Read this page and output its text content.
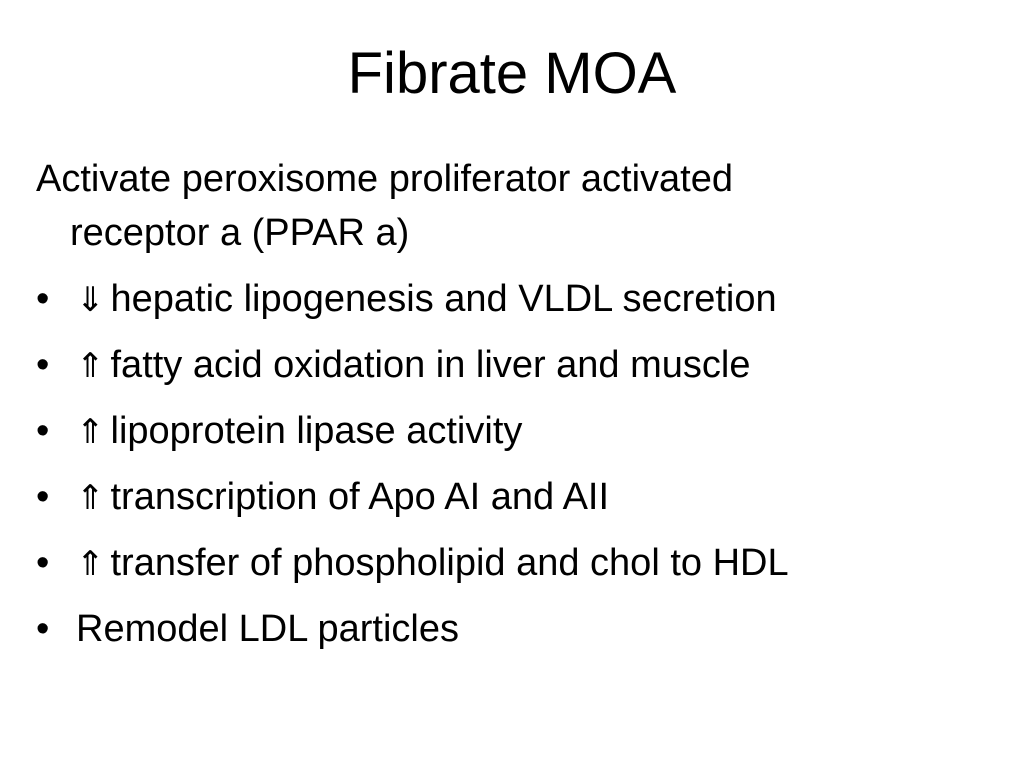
Fibrate MOA
Activate peroxisome proliferator activated
receptor a (PPAR a)
• ⇓ hepatic lipogenesis and VLDL secretion
• ⇑ fatty acid oxidation in liver and muscle
• ⇑ lipoprotein lipase activity
• ⇑ transcription of Apo AI and AII
• ⇑ transfer of phospholipid and chol to HDL
• Remodel LDL particles
